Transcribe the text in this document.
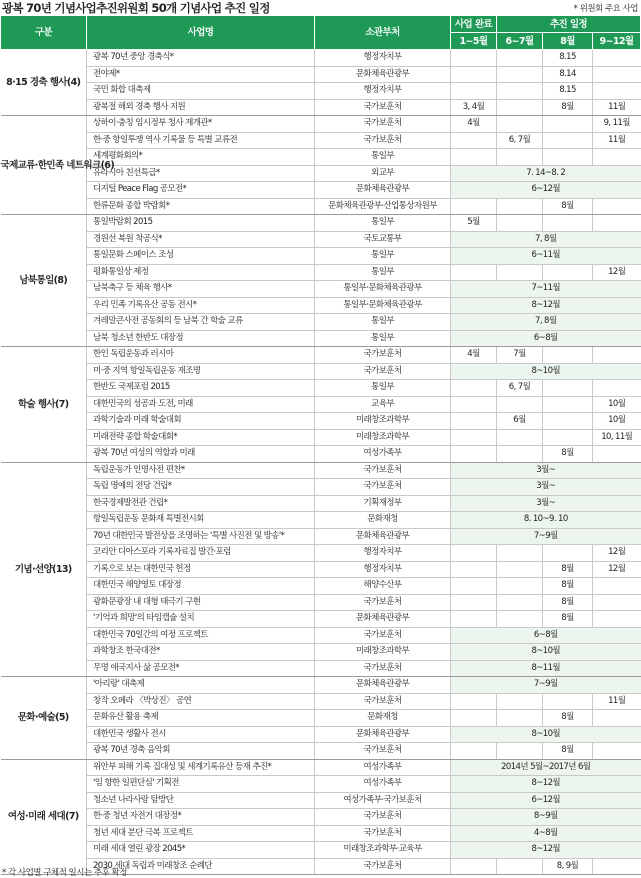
광복 70년 기념사업추진위원회 50개 기념사업 추진 일정	* 위원회 주요 사업
구분	사업명	소관부처	사업 완료	추진 일정		
			1~5월	6~7월	8월	9~12월
8·15 경축 행사(4)	광복 70년 중앙 경축식*	행정자치부			8.15	
	전야제*	문화체육관광부			8.14	
	국민 화합 대축제	행정자치부			8.15	
	광복절 해외 경축 행사 지원	국가보훈처	3, 4월		8월	11월
국제교류·한민족 네트워크(6)	상하이·충칭 임시정부 청사 재개관*	국가보훈처	4월			9, 11월
	한·중 항일투쟁 역사 기록물 등 특별 교류전	국가보훈처		6, 7월		11월
	세계평화회의*	통일부				
	유라시아 친선특급*	외교부	7. 14~8. 2			
	디지털 Peace Flag 공모전*	문화체육관광부	6~12월			
	한류문화 종합 박람회*	문화체육관광부·산업통상자원부			8월	
남북통일(8)	통일박람회 2015	통일부	5월			
	경원선 복원 착공식*	국토교통부	7, 8월			
	통일문화 스페이스 조성	통일부	6~11월			
	평화통일상 제정	통일부				12월
	남북축구 등 체육 행사*	통일부·문화체육관광부	7~11월			
	우리 민족 기록유산 공동 전시*	통일부·문화체육관광부	8~12월			
	겨레말큰사전 공동회의 등 남북 간 학술 교류	통일부	7, 8월			
	남북 청소년 한반도 대장정	통일부	6~8월			
학술 행사(7)	한인 독립운동과 러시아	국가보훈처	4월	7월		
	미·중 지역 항일독립운동 재조명	국가보훈처	8~10월			
	한반도 국제포럼 2015	통일부		6, 7월		
	대한민국의 성공과 도전, 미래	교육부				10월
	과학기술과 미래 학술대회	미래창조과학부		6월		10월
	미래전략 종합 학술대회*	미래창조과학부				10, 11월
	광복 70년 여성의 역할과 미래	여성가족부			8월	
기념·선양(13)	독립운동가 인명사전 편찬*	국가보훈처	3월~			
	독립 명예의 전당 건립*	국가보훈처	3월~			
	한국경제발전관 건립*	기획재정부	3월~			
	항일독립운동 문화재 특별전시회	문화재청	8. 10~9. 10			
	70년 대한민국 발전상을 조명하는 '특별 사진전 및 방송'*	문화체육관광부	7~9월			
	코리안 디아스포라 기록자료집 발간·포럼	행정자치부				12월
	기록으로 보는 대한민국 헌정	행정자치부			8월	12월
	대한민국 해양영토 대장정	해양수산부			8월	
	광화문광장 내 대형 태극기 구현	국가보훈처			8월	
	'기억과 희망'의 타임캡슐 설치	문화체육관광부			8월	
	대한민국 70일간의 여정 프로젝트	국가보훈처	6~8월			
	과학창조 한국대전*	미래창조과학부	8~10월			
	무명 애국지사 삶 공모전*	국가보훈처	8~11월			
문화·예술(5)	'아리랑' 대축제	문화체육관광부	7~9월			
	창작 오페라 〈박상진〉 공연	국가보훈처				11월
	문화유산 활용 축제	문화재청			8월	
	대한민국 생활사 전시	문화체육관광부	8~10월			
	광복 70년 경축 음악회	국가보훈처			8월	
여성·미래 세대(7)	위안부 피해 기록 집대성 및 세계기록유산 등재 추진*	여성가족부	2014년 5월~2017년 6월			
	'임 향한 일편단심' 기획전	여성가족부	8~12월			
	청소년 나라사랑 탐방단	여성가족부·국가보훈처	6~12월			
	한·중 청년 자전거 대장정*	국가보훈처	8~9월			
	청년 세대 분단 극복 프로젝트	국가보훈처	4~8월			
	미래 세대 열린 광장 2045*	미래창조과학부·교육부	8~12월			
	2030 세대 독립과 미래창조 순례단	국가보훈처			8, 9월	
* 각 사업별 구체적 일시는 추후 확정
